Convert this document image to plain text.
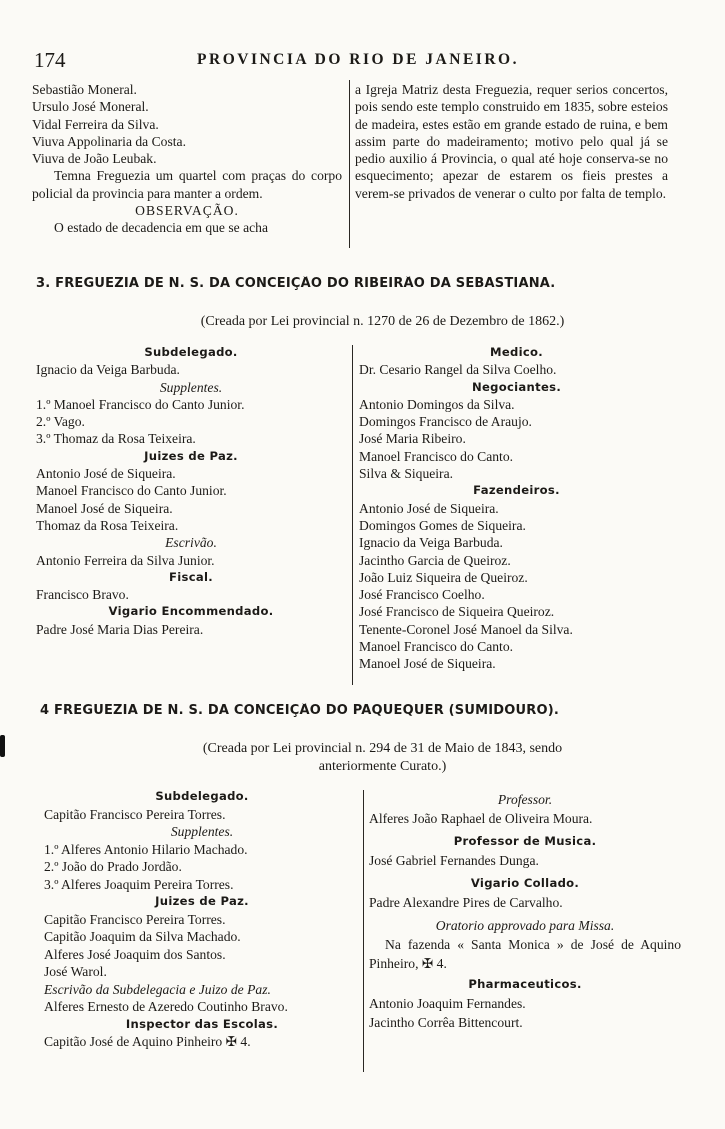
174	PROVINCIA DO RIO DE JANEIRO.
Sebastião Moneral.
Ursulo José Moneral.
Vidal Ferreira da Silva.
Viuva Appolinaria da Costa.
Viuva de João Leubak.
Temna Freguezia um quartel com praças do corpo policial da provincia para manter a ordem.
OBSERVAÇÃO.
O estado de decadencia em que se acha
a Igreja Matriz desta Freguezia, requer serios concertos, pois sendo este templo construido em 1835, sobre esteios de madeira, estes estão em grande estado de ruina, e bem assim parte do madeiramento; motivo pelo qual já se pedio auxilio á Provincia, o qual até hoje conserva-se no esquecimento; apezar de estarem os fieis prestes a verem-se privados de venerar o culto por falta de templo.
3. FREGUEZIA DE N. S. DA CONCEIÇÃO DO RIBEIRÃO DA SEBASTIANA.
(Creada por Lei provincial n. 1270 de 26 de Dezembro de 1862.)
Subdelegado.
Ignacio da Veiga Barbuda.
Supplentes.
1.º Manoel Francisco do Canto Junior.
2.º Vago.
3.º Thomaz da Rosa Teixeira.
Juizes de Paz.
Antonio José de Siqueira.
Manoel Francisco do Canto Junior.
Manoel José de Siqueira.
Thomaz da Rosa Teixeira.
Escrivão.
Antonio Ferreira da Silva Junior.
Fiscal.
Francisco Bravo.
Vigario Encommendado.
Padre José Maria Dias Pereira.
Medico.
Dr. Cesario Rangel da Silva Coelho.
Negociantes.
Antonio Domingos da Silva.
Domingos Francisco de Araujo.
José Maria Ribeiro.
Manoel Francisco do Canto.
Silva & Siqueira.
Fazendeiros.
Antonio José de Siqueira.
Domingos Gomes de Siqueira.
Ignacio da Veiga Barbuda.
Jacintho Garcia de Queiroz.
João Luiz Siqueira de Queiroz.
José Francisco Coelho.
José Francisco de Siqueira Queiroz.
Tenente-Coronel José Manoel da Silva.
Manoel Francisco do Canto.
Manoel José de Siqueira.
4 FREGUEZIA DE N. S. DA CONCEIÇÃO DO PAQUEQUER (SUMIDOURO).
(Creada por Lei provincial n. 294 de 31 de Maio de 1843, sendo
anteriormente Curato.)
Subdelegado.
Capitão Francisco Pereira Torres.
Supplentes.
1.º Alferes Antonio Hilario Machado.
2.º João do Prado Jordão.
3.º Alferes Joaquim Pereira Torres.
Juizes de Paz.
Capitão Francisco Pereira Torres.
Capitão Joaquim da Silva Machado.
Alferes José Joaquim dos Santos.
José Warol.
Escrivão da Subdelegacia e Juizo de Paz.
Alferes Ernesto de Azeredo Coutinho Bravo.
Inspector das Escolas.
Capitão José de Aquino Pinheiro ✠ 4.
Professor.
Alferes João Raphael de Oliveira Moura.
Professor de Musica.
José Gabriel Fernandes Dunga.
Vigario Collado.
Padre Alexandre Pires de Carvalho.
Oratorio approvado para Missa.
Na fazenda « Santa Monica » de José de Aquino Pinheiro, ✠ 4.
Pharmaceuticos.
Antonio Joaquim Fernandes.
Jacintho Corrêa Bittencourt.
